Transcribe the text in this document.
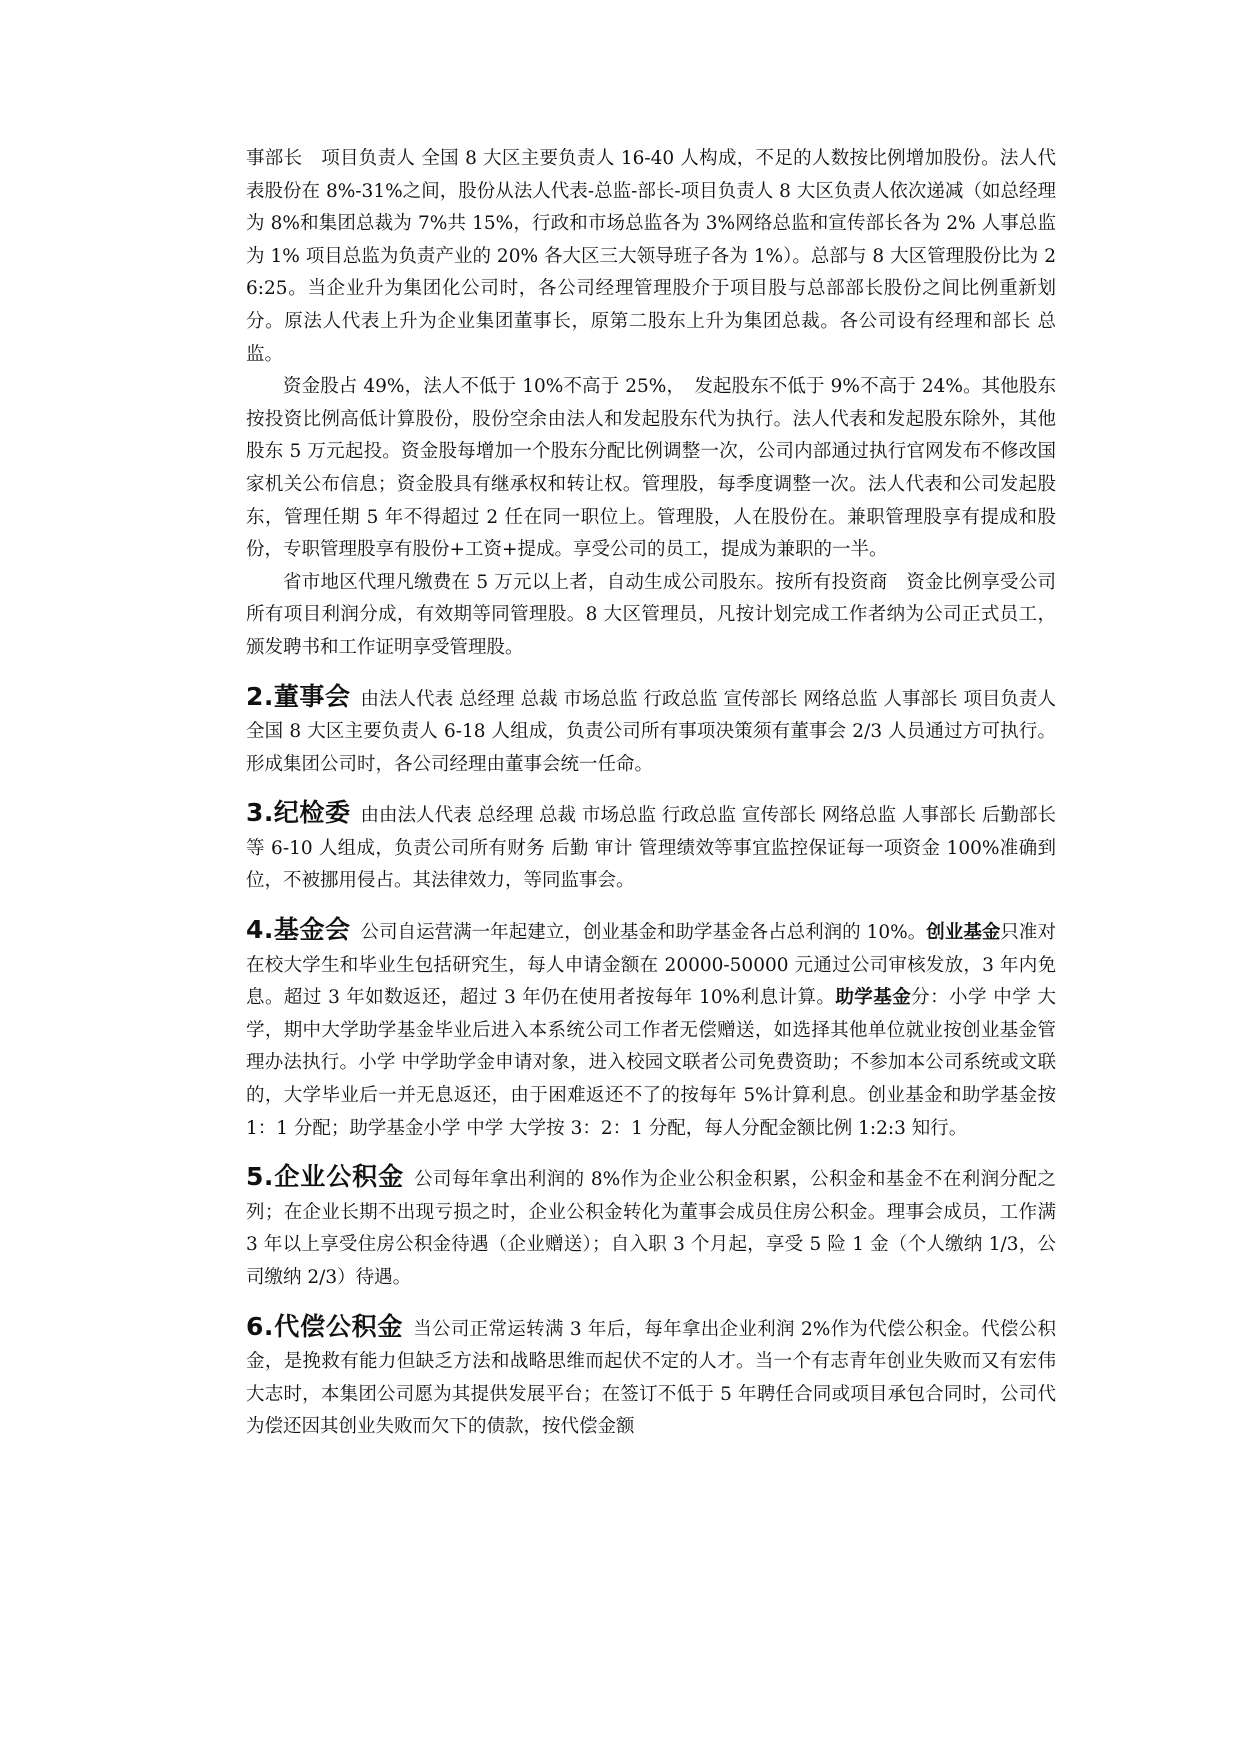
事部长　项目负责人 全国 8 大区主要负责人 16-40 人构成，不足的人数按比例增加股份。法人代表股份在 8%-31%之间，股份从法人代表-总监-部长-项目负责人 8 大区负责人依次递减（如总经理为 8%和集团总裁为 7%共 15%，行政和市场总监各为 3%网络总监和宣传部长各为 2% 人事总监为 1% 项目总监为负责产业的 20% 各大区三大领导班子各为 1%）。总部与 8 大区管理股份比为 26:25。当企业升为集团化公司时，各公司经理管理股介于项目股与总部部长股份之间比例重新划分。原法人代表上升为企业集团董事长，原第二股东上升为集团总裁。各公司设有经理和部长 总监。

资金股占 49%，法人不低于 10%不高于 25%，　发起股东不低于 9%不高于 24%。其他股东按投资比例高低计算股份，股份空余由法人和发起股东代为执行。法人代表和发起股东除外，其他股东 5 万元起投。资金股每增加一个股东分配比例调整一次，公司内部通过执行官网发布不修改国家机关公布信息；资金股具有继承权和转让权。管理股，每季度调整一次。法人代表和公司发起股东，管理任期 5 年不得超过 2 任在同一职位上。管理股，人在股份在。兼职管理股享有提成和股份，专职管理股享有股份+工资+提成。享受公司的员工，提成为兼职的一半。

省市地区代理凡缴费在 5 万元以上者，自动生成公司股东。按所有投资商　资金比例享受公司所有项目利润分成，有效期等同管理股。8 大区管理员，凡按计划完成工作者纳为公司正式员工，颁发聘书和工作证明享受管理股。

2.董事会 由法人代表 总经理 总裁 市场总监 行政总监 宣传部长 网络总监 人事部长 项目负责人 全国 8 大区主要负责人 6-18 人组成，负责公司所有事项决策须有董事会 2/3 人员通过方可执行。形成集团公司时，各公司经理由董事会统一任命。

3.纪检委 由由法人代表 总经理 总裁 市场总监 行政总监 宣传部长 网络总监 人事部长 后勤部长等 6-10 人组成，负责公司所有财务 后勤 审计 管理绩效等事宜监控保证每一项资金 100%准确到位，不被挪用侵占。其法律效力，等同监事会。

4.基金会 公司自运营满一年起建立，创业基金和助学基金各占总利润的 10%。创业基金只准对在校大学生和毕业生包括研究生，每人申请金额在 20000-50000 元通过公司审核发放，3 年内免息。超过 3 年如数返还，超过 3 年仍在使用者按每年 10%利息计算。助学基金分：小学 中学 大学，期中大学助学基金毕业后进入本系统公司工作者无偿赠送，如选择其他单位就业按创业基金管理办法执行。小学 中学助学金申请对象，进入校园文联者公司免费资助；不参加本公司系统或文联的，大学毕业后一并无息返还，由于困难返还不了的按每年 5%计算利息。创业基金和助学基金按 1：1 分配；助学基金小学 中学 大学按 3：2：1 分配，每人分配金额比例 1:2:3 知行。

5.企业公积金 公司每年拿出利润的 8%作为企业公积金积累，公积金和基金不在利润分配之列；在企业长期不出现亏损之时，企业公积金转化为董事会成员住房公积金。理事会成员，工作满 3 年以上享受住房公积金待遇（企业赠送）；自入职 3 个月起，享受 5 险 1 金（个人缴纳 1/3，公司缴纳 2/3）待遇。

6.代偿公积金 当公司正常运转满 3 年后，每年拿出企业利润 2%作为代偿公积金。代偿公积金，是挽救有能力但缺乏方法和战略思维而起伏不定的人才。当一个有志青年创业失败而又有宏伟大志时，本集团公司愿为其提供发展平台；在签订不低于 5 年聘任合同或项目承包合同时，公司代为偿还因其创业失败而欠下的债款，按代偿金额
